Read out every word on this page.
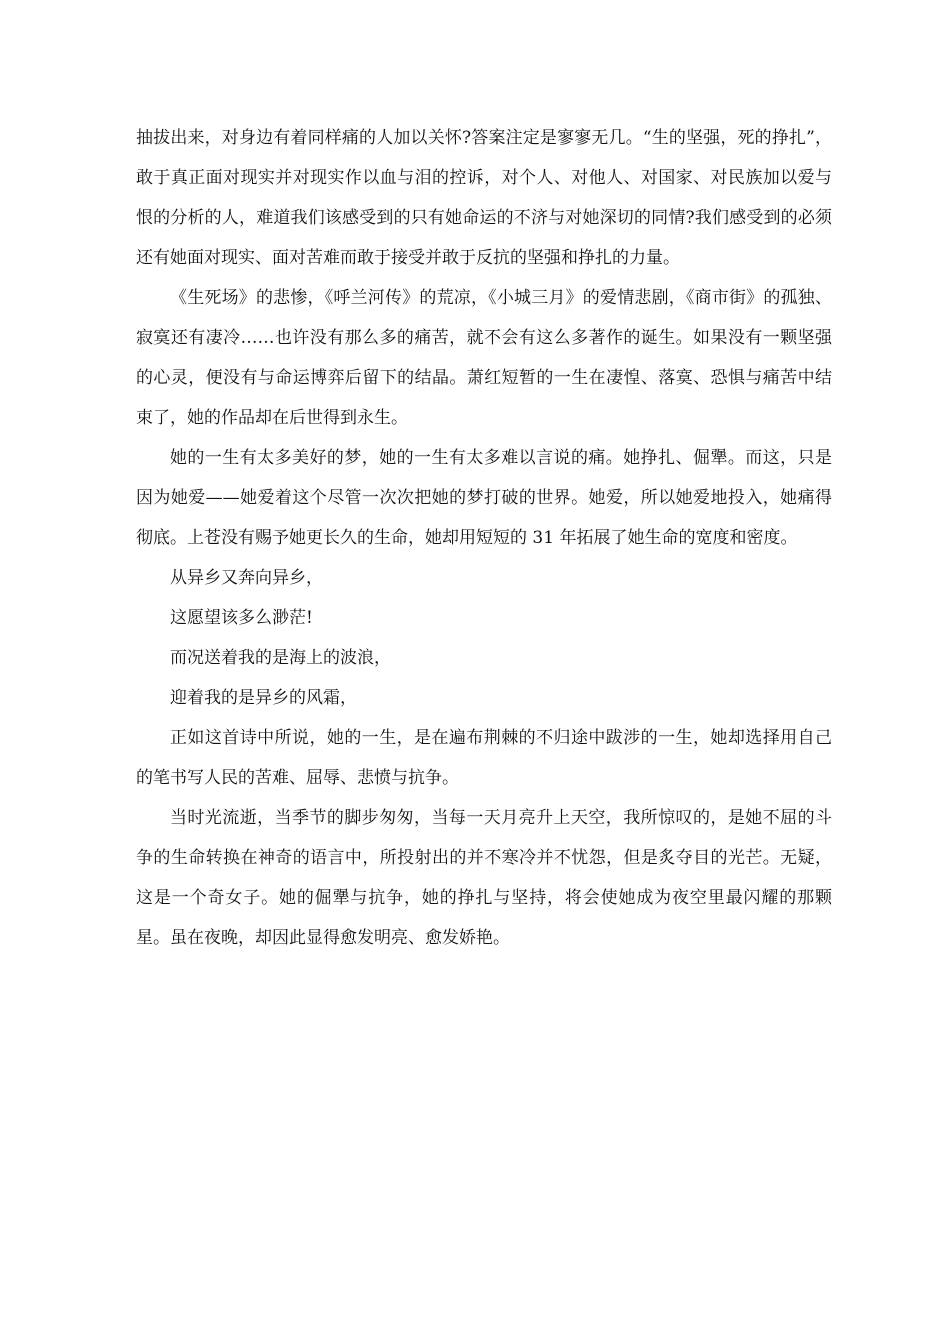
抽拔出来，对身边有着同样痛的人加以关怀?答案注定是寥寥无几。“生的坚强，死的挣扎”，敢于真正面对现实并对现实作以血与泪的控诉，对个人、对他人、对国家、对民族加以爱与恨的分析的人，难道我们该感受到的只有她命运的不济与对她深切的同情?我们感受到的必须还有她面对现实、面对苦难而敢于接受并敢于反抗的坚强和挣扎的力量。

《生死场》的悲惨，《呼兰河传》的荒凉，《小城三月》的爱情悲剧，《商市街》的孤独、寂寞还有凄冷……也许没有那么多的痛苦，就不会有这么多著作的诞生。如果没有一颗坚强的心灵，便没有与命运博弈后留下的结晶。萧红短暂的一生在凄惶、落寞、恐惧与痛苦中结束了，她的作品却在后世得到永生。

她的一生有太多美好的梦，她的一生有太多难以言说的痛。她挣扎、倔犟。而这，只是因为她爱——她爱着这个尽管一次次把她的梦打破的世界。她爱，所以她爱地投入，她痛得彻底。上苍没有赐予她更长久的生命，她却用短短的 31 年拓展了她生命的宽度和密度。

从异乡又奔向异乡，

这愿望该多么渺茫!

而况送着我的是海上的波浪，

迎着我的是异乡的风霜，

正如这首诗中所说，她的一生，是在遍布荆棘的不归途中跋涉的一生，她却选择用自己的笔书写人民的苦难、屈辱、悲愤与抗争。

当时光流逝，当季节的脚步匆匆，当每一天月亮升上天空，我所惊叹的，是她不屈的斗争的生命转换在神奇的语言中，所投射出的并不寒冷并不忧怨，但是炙夺目的光芒。无疑，这是一个奇女子。她的倔犟与抗争，她的挣扎与坚持，将会使她成为夜空里最闪耀的那颗星。虽在夜晚，却因此显得愈发明亮、愈发娇艳。
